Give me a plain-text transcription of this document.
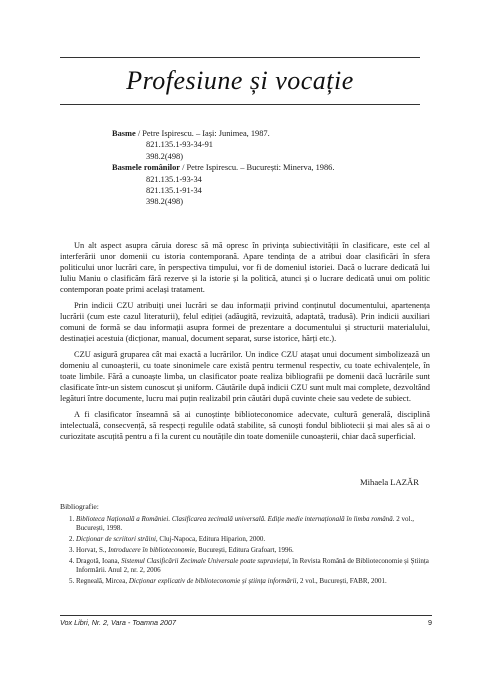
Profesiune și vocație
Basme / Petre Ispirescu. – Iași: Junimea, 1987.
821.135.1-93-34-91
398.2(498)
Basmele românilor / Petre Ispirescu. – București: Minerva, 1986.
821.135.1-93-34
821.135.1-91-34
398.2(498)

Un alt aspect asupra căruia doresc să mă opresc în privința subiectivității în clasificare, este cel al interferării unor domenii cu istoria contemporană. Apare tendința de a atribui doar clasificări în sfera politicului unor lucrări care, în perspectiva timpului, vor fi de domeniul istoriei. Dacă o lucrare dedicată lui Iuliu Maniu o clasificăm fără rezerve și la istorie și la politică, atunci și o lucrare dedicată unui om politic contemporan poate primi același tratament.

Prin indicii CZU atribuiți unei lucrări se dau informații privind conținutul documentului, apartenența lucrării (cum este cazul literaturii), felul ediției (adăugită, revizuită, adaptată, tradusă). Prin indicii auxiliari comuni de formă se dau informații asupra formei de prezentare a documentului și structurii materialului, destinației acestuia (dicționar, manual, document separat, surse istorice, hărți etc.).

CZU asigură gruparea cât mai exactă a lucrărilor. Un indice CZU atașat unui document simbolizează un domeniu al cunoașterii, cu toate sinonimele care există pentru termenul respectiv, cu toate echivalențele, în toate limbile. Fără a cunoaște limba, un clasificator poate realiza bibliografii pe domenii dacă lucrările sunt clasificate într-un sistem cunoscut și uniform. Căutările după indicii CZU sunt mult mai complete, dezvoltând legături între documente, lucru mai puțin realizabil prin căutări după cuvinte cheie sau vedete de subiect.

A fi clasificator înseamnă să ai cunoștințe biblioteconomice adecvate, cultură generală, disciplină intelectuală, consecvență, să respecți regulile odată stabilite, să cunoști fondul bibliotecii și mai ales să ai o curiozitate ascuțită pentru a fi la curent cu noutățile din toate domeniile cunoașterii, chiar dacă superficial.

Mihaela LAZĂR
Bibliografie:
1. Biblioteca Națională a României. Clasificarea zecimală universală. Ediție medie internațională în limba română. 2 vol., București, 1998.
2. Dicționar de scriitori străini, Cluj-Napoca, Editura Hiparion, 2000.
3. Horvat, S., Introducere în biblioteconomie, București, Editura Grafoart, 1996.
4. Dragotă, Ioana, Sistemul Clasificării Zecimale Universale poate supraviețui, în Revista Română de Biblioteconomie și Știința Informării. Anul 2, nr. 2, 2006
5. Regneală, Mircea, Dicționar explicativ de biblioteconomie și știința informării, 2 vol., București, FABR, 2001.
Vox Libri, Nr. 2, Vara - Toamna 2007	9
